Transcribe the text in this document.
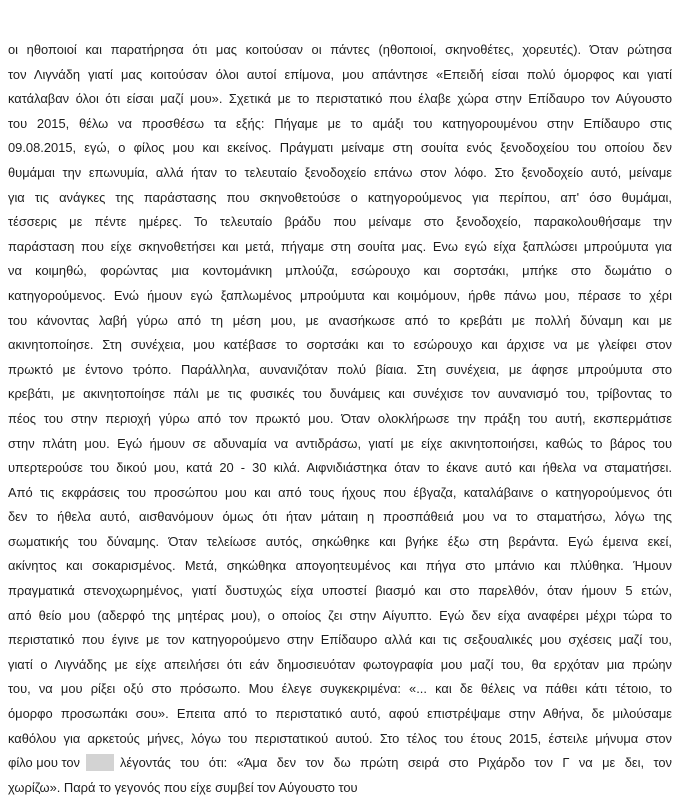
οι ηθοποιοί και παρατήρησα ότι μας κοιτούσαν οι πάντες (ηθοποιοί, σκηνοθέτες, χορευτές). Όταν ρώτησα
τον Λιγνάδη γιατί μας κοιτούσαν όλοι αυτοί επίμονα, μου απάντησε «Επειδή είσαι πολύ όμορφος και γιατί
κατάλαβαν όλοι ότι είσαι μαζί μου». Σχετικά με το περιστατικό που έλαβε χώρα στην Επίδαυρο τον Αύγουστο
του 2015, θέλω να προσθέσω τα εξής: Πήγαμε με το αμάξι του κατηγορουμένου στην Επίδαυρο στις
09.08.2015, εγώ, ο φίλος μου και εκείνος. Πράγματι μείναμε στη σουίτα ενός ξενοδοχείου του οποίου δεν
θυμάμαι την επωνυμία, αλλά ήταν το τελευταίο ξενοδοχείο επάνω στον λόφο. Στο ξενοδοχείο αυτό, μείναμε
για τις ανάγκες της παράστασης που σκηνοθετούσε ο κατηγορούμενος για περίπου, απ' όσο θυμάμαι,
τέσσερις με πέντε ημέρες. Το τελευταίο βράδυ που μείναμε στο ξενοδοχείο, παρακολουθήσαμε την
παράσταση που είχε σκηνοθετήσει και μετά, πήγαμε στη σουίτα μας. Ενω εγώ είχα ξαπλώσει μπρούμυτα για
να κοιμηθώ, φορώντας μια κοντομάνικη μπλούζα, εσώρουχο και σορτσάκι, μπήκε στο δωμάτιο ο
κατηγορούμενος. Ενώ ήμουν εγώ ξαπλωμένος μπρούμυτα και κοιμόμουν, ήρθε πάνω μου, πέρασε το χέρι
του κάνοντας λαβή γύρω από τη μέση μου, με ανασήκωσε από το κρεβάτι με πολλή δύναμη και με
ακινητοποίησε. Στη συνέχεια, μου κατέβασε το σορτσάκι και το εσώρουχο και άρχισε να με γλείφει στον
πρωκτό με έντονο τρόπο. Παράλληλα, αυνανιζόταν πολύ βίαια. Στη συνέχεια, με άφησε μπρούμυτα στο
κρεβάτι, με ακινητοποίησε πάλι με τις φυσικές του δυνάμεις και συνέχισε τον αυνανισμό του, τρίβοντας το
πέος του στην περιοχή γύρω από τον πρωκτό μου. Όταν ολοκλήρωσε την πράξη του αυτή, εκσπερμάτισε
στην πλάτη μου. Εγώ ήμουν σε αδυναμία να αντιδράσω, γιατί με είχε ακινητοποιήσει, καθώς το βάρος του
υπερτερούσε του δικού μου, κατά 20 - 30 κιλά. Αιφνιδιάστηκα όταν το έκανε αυτό και ήθελα να σταματήσει.
Από τις εκφράσεις του προσώπου μου και από τους ήχους που έβγαζα, καταλάβαινε ο κατηγορούμενος ότι
δεν το ήθελα αυτό, αισθανόμουν όμως ότι ήταν μάταιη η προσπάθειά μου να το σταματήσω, λόγω της
σωματικής του δύναμης. Όταν τελείωσε αυτός, σηκώθηκε και βγήκε έξω στη βεράντα. Εγώ έμεινα εκεί,
ακίνητος και σοκαρισμένος. Μετά, σηκώθηκα απογοητευμένος και πήγα στο μπάνιο και πλύθηκα. Ήμουν
πραγματικά στενοχωρημένος, γιατί δυστυχώς είχα υποστεί βιασμό και στο παρελθόν, όταν ήμουν 5 ετών,
από θείο μου (αδερφό της μητέρας μου), ο οποίος ζει στην Αίγυπτο. Εγώ δεν είχα αναφέρει μέχρι τώρα το
περιστατικό που έγινε με τον κατηγορούμενο στην Επίδαυρο αλλά και τις σεξουαλικές μου σχέσεις μαζί του,
γιατί ο Λιγνάδης με είχε απειλήσει ότι εάν δημοσιευόταν φωτογραφία μου μαζί του, θα ερχόταν μια πρώην
του, να μου ρίξει οξύ στο πρόσωπο. Μου έλεγε συγκεκριμένα: «... και δε θέλεις να πάθει κάτι τέτοιο, το
όμορφο προσωπάκι σου». Επειτα από το περιστατικό αυτό, αφού επιστρέψαμε στην Αθήνα, δε μιλούσαμε
καθόλου για αρκετούς μήνες, λόγω του περιστατικού αυτού. Στο τέλος του έτους 2015, έστειλε μήνυμα στον
φίλο μου τον	λέγοντάς του ότι: «Άμα δεν τον δω πρώτη σειρά στο Ριχάρδο τον Γ να με δει, τον
χωρίζω». Παρά το γεγονός που είχε συμβεί τον Αύγουστο του
